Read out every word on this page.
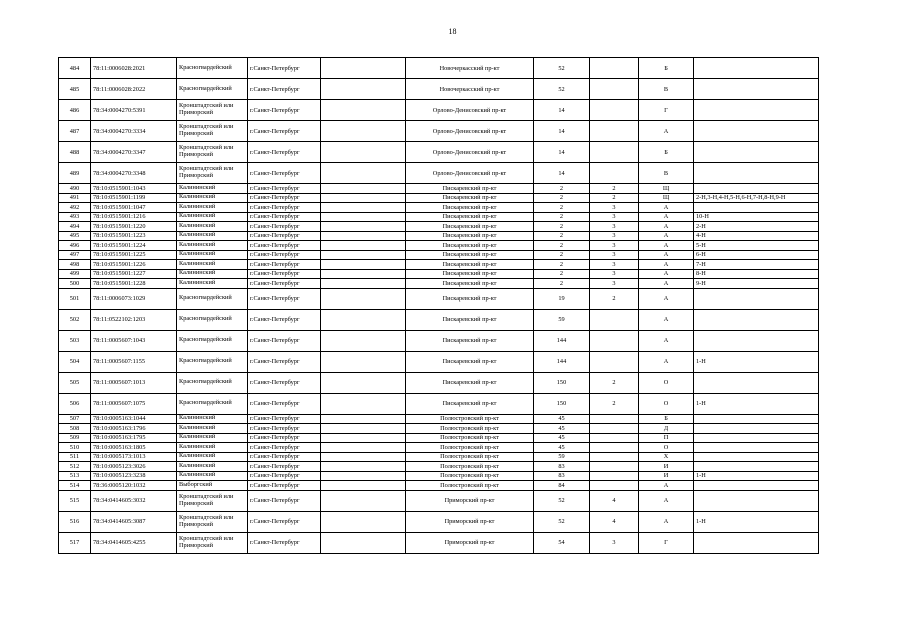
18
484	78:11:0006028:2021	Красногвардейский	г.Санкт-Петербург		Новочеркасский пр-кт	52		Б	
485	78:11:0006028:2022	Красногвардейский	г.Санкт-Петербург		Новочеркасский пр-кт	52		В	
486	78:34:0004270:5391	Кронштадтский или Приморский	г.Санкт-Петербург		Орлово-Денисовский пр-кт	14		Г	
487	78:34:0004270:3334	Кронштадтский или Приморский	г.Санкт-Петербург		Орлово-Денисовский пр-кт	14		А	
488	78:34:0004270:3347	Кронштадтский или Приморский	г.Санкт-Петербург		Орлово-Денисовский пр-кт	14		Б	
489	78:34:0004270:3348	Кронштадтский или Приморский	г.Санкт-Петербург		Орлово-Денисовский пр-кт	14		В	
490	78:10:0515901:1043	Калининский	г.Санкт-Петербург		Пискаревский пр-кт	2	2	Щ	
491	78:10:0515901:1199	Калининский	г.Санкт-Петербург		Пискаревский пр-кт	2	2	Щ	2-Н,3-Н,4-Н,5-Н,6-Н,7-Н,8-Н,9-Н
492	78:10:0515901:1047	Калининский	г.Санкт-Петербург		Пискаревский пр-кт	2	3	А	
493	78:10:0515901:1216	Калининский	г.Санкт-Петербург		Пискаревский пр-кт	2	3	А	10-Н
494	78:10:0515901:1220	Калининский	г.Санкт-Петербург		Пискаревский пр-кт	2	3	А	2-Н
495	78:10:0515901:1223	Калининский	г.Санкт-Петербург		Пискаревский пр-кт	2	3	А	4-Н
496	78:10:0515901:1224	Калининский	г.Санкт-Петербург		Пискаревский пр-кт	2	3	А	5-Н
497	78:10:0515901:1225	Калининский	г.Санкт-Петербург		Пискаревский пр-кт	2	3	А	6-Н
498	78:10:0515901:1226	Калининский	г.Санкт-Петербург		Пискаревский пр-кт	2	3	А	7-Н
499	78:10:0515901:1227	Калининский	г.Санкт-Петербург		Пискаревский пр-кт	2	3	А	8-Н
500	78:10:0515901:1228	Калининский	г.Санкт-Петербург		Пискаревский пр-кт	2	3	А	9-Н
501	78:11:0006073:1029	Красногвардейский	г.Санкт-Петербург		Пискаревский пр-кт	19	2	А	
502	78:11:0522102:1203	Красногвардейский	г.Санкт-Петербург		Пискаревский пр-кт	59		А	
503	78:11:0005607:1043	Красногвардейский	г.Санкт-Петербург		Пискаревский пр-кт	144		А	
504	78:11:0005607:1155	Красногвардейский	г.Санкт-Петербург		Пискаревский пр-кт	144		А	1-Н
505	78:11:0005607:1013	Красногвардейский	г.Санкт-Петербург		Пискаревский пр-кт	150	2	О	
506	78:11:0005607:1075	Красногвардейский	г.Санкт-Петербург		Пискаревский пр-кт	150	2	О	1-Н
507	78:10:0005163:1044	Калининский	г.Санкт-Петербург		Полюстровский пр-кт	45		Б	
508	78:10:0005163:1796	Калининский	г.Санкт-Петербург		Полюстровский пр-кт	45		Д	
509	78:10:0005163:1795	Калининский	г.Санкт-Петербург		Полюстровский пр-кт	45		П	
510	78:10:0005163:1805	Калининский	г.Санкт-Петербург		Полюстровский пр-кт	45		О	
511	78:10:0005173:1013	Калининский	г.Санкт-Петербург		Полюстровский пр-кт	59		Х	
512	78:10:0005123:3026	Калининский	г.Санкт-Петербург		Полюстровский пр-кт	83		И	
513	78:10:0005123:3238	Калининский	г.Санкт-Петербург		Полюстровский пр-кт	83		И	1-Н
514	78:36:0005120:1032	Выборгский	г.Санкт-Петербург		Полюстровский пр-кт	84		А	
515	78:34:0414605:3032	Кронштадтский или Приморский	г.Санкт-Петербург		Приморский пр-кт	52	4	А	
516	78:34:0414605:3087	Кронштадтский или Приморский	г.Санкт-Петербург		Приморский пр-кт	52	4	А	1-Н
517	78:34:0414605:4255	Кронштадтский или Приморский	г.Санкт-Петербург		Приморский пр-кт	54	3	Г	
